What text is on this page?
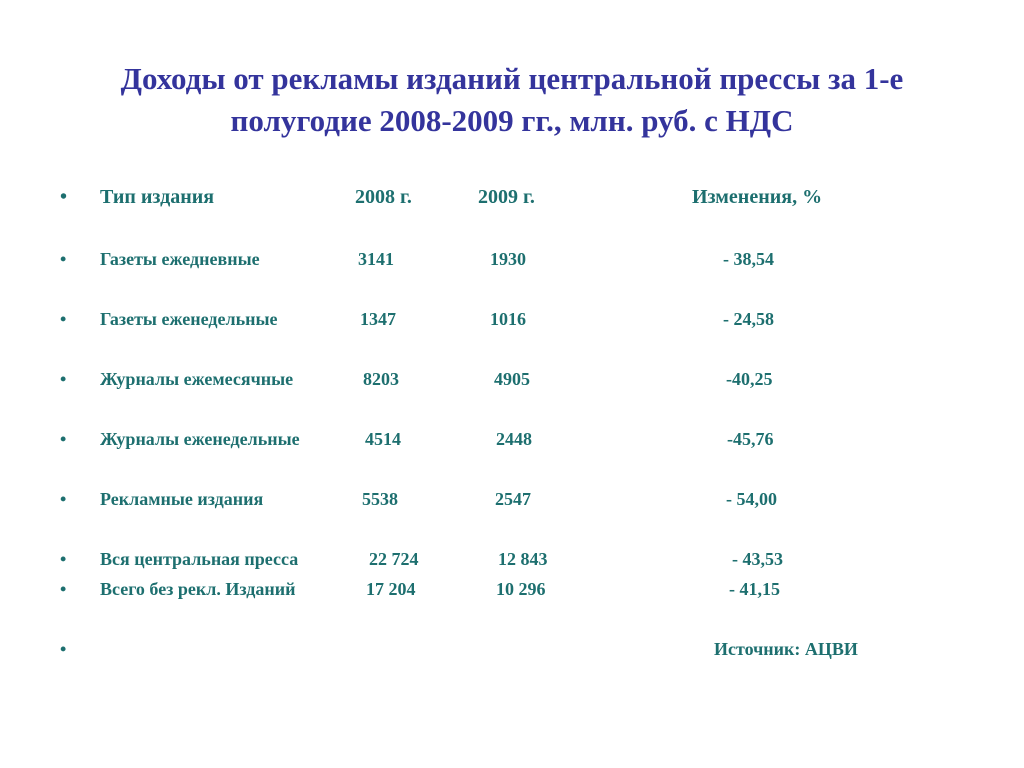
Доходы от рекламы изданий центральной прессы за 1-е
полугодие 2008-2009 гг., млн. руб. с НДС
• Тип издания	2008 г.	2009 г.	Изменения, %
• Газеты ежедневные	3141	1930	- 38,54
• Газеты еженедельные	1347	1016	- 24,58
• Журналы ежемесячные	8203	4905	-40,25
• Журналы еженедельные	4514	2448	-45,76
• Рекламные издания	5538	2547	- 54,00
• Вся центральная пресса	22 724	12 843	- 43,53
• Всего без рекл. Изданий	17 204	10 296	- 41,15
•	Источник: АЦВИ
